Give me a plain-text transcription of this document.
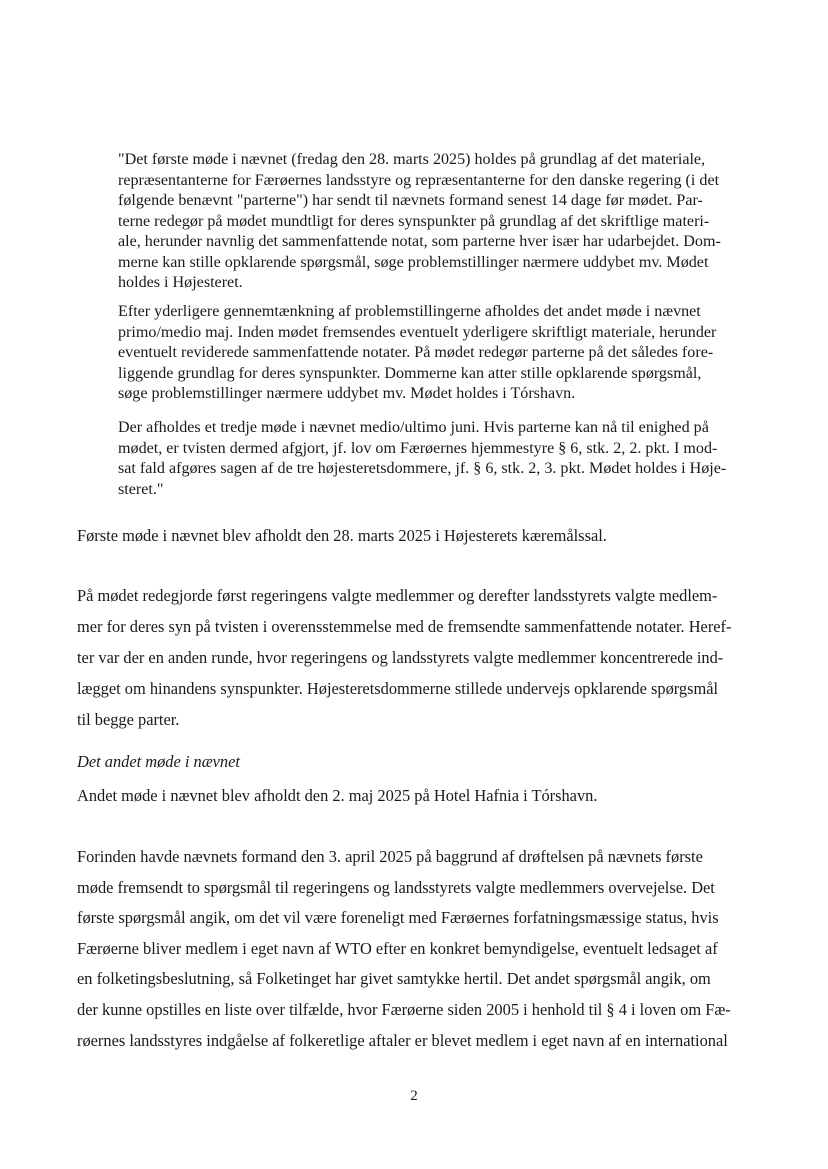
"Det første møde i nævnet (fredag den 28. marts 2025) holdes på grundlag af det materiale,
repræsentanterne for Færøernes landsstyre og repræsentanterne for den danske regering (i det
følgende benævnt "parterne") har sendt til nævnets formand senest 14 dage før mødet. Par-
terne redegør på mødet mundtligt for deres synspunkter på grundlag af det skriftlige materi-
ale, herunder navnlig det sammenfattende notat, som parterne hver især har udarbejdet. Dom-
merne kan stille opklarende spørgsmål, søge problemstillinger nærmere uddybet mv. Mødet
holdes i Højesteret.
Efter yderligere gennemtænkning af problemstillingerne afholdes det andet møde i nævnet
primo/medio maj. Inden mødet fremsendes eventuelt yderligere skriftligt materiale, herunder
eventuelt reviderede sammenfattende notater. På mødet redegør parterne på det således fore-
liggende grundlag for deres synspunkter. Dommerne kan atter stille opklarende spørgsmål,
søge problemstillinger nærmere uddybet mv. Mødet holdes i Tórshavn.
Der afholdes et tredje møde i nævnet medio/ultimo juni. Hvis parterne kan nå til enighed på
mødet, er tvisten dermed afgjort, jf. lov om Færøernes hjemmestyre § 6, stk. 2, 2. pkt. I mod-
sat fald afgøres sagen af de tre højesteretsdommere, jf. § 6, stk. 2, 3. pkt. Mødet holdes i Høje-
steret."
Første møde i nævnet blev afholdt den 28. marts 2025 i Højesterets kæremålssal.
På mødet redegjorde først regeringens valgte medlemmer og derefter landsstyrets valgte medlem-
mer for deres syn på tvisten i overensstemmelse med de fremsendte sammenfattende notater. Heref-
ter var der en anden runde, hvor regeringens og landsstyrets valgte medlemmer koncentrerede ind-
lægget om hinandens synspunkter. Højesteretsdommerne stillede undervejs opklarende spørgsmål
til begge parter.

Det andet møde i nævnet

Andet møde i nævnet blev afholdt den 2. maj 2025 på Hotel Hafnia i Tórshavn.
Forinden havde nævnets formand den 3. april 2025 på baggrund af drøftelsen på nævnets første
møde fremsendt to spørgsmål til regeringens og landsstyrets valgte medlemmers overvejelse. Det
første spørgsmål angik, om det vil være foreneligt med Færøernes forfatningsmæssige status, hvis
Færøerne bliver medlem i eget navn af WTO efter en konkret bemyndigelse, eventuelt ledsaget af
en folketingsbeslutning, så Folketinget har givet samtykke hertil. Det andet spørgsmål angik, om
der kunne opstilles en liste over tilfælde, hvor Færøerne siden 2005 i henhold til § 4 i loven om Fæ-
røernes landsstyres indgåelse af folkeretlige aftaler er blevet medlem i eget navn af en international

2
